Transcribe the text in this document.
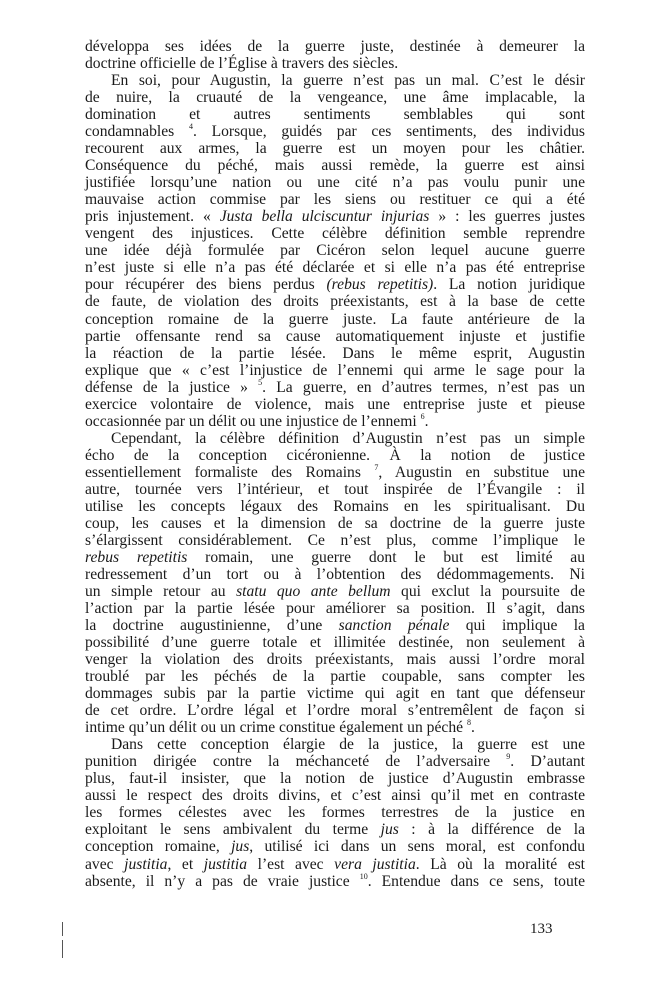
développa ses idées de la guerre juste, destinée à demeurer la
doctrine officielle de l’Église à travers des siècles.
En soi, pour Augustin, la guerre n’est pas un mal. C’est le désir
de nuire, la cruauté de la vengeance, une âme implacable, la
domination et autres sentiments semblables qui sont
condamnables $^4$. Lorsque, guidés par ces sentiments, des individus
recourent aux armes, la guerre est un moyen pour les châtier.
Conséquence du péché, mais aussi remède, la guerre est ainsi
justifiée lorsqu’une nation ou une cité n’a pas voulu punir une
mauvaise action commise par les siens ou restituer ce qui a été
pris injustement. « Justa bella ulciscuntur injurias » : les guerres justes
vengent des injustices. Cette célèbre définition semble reprendre
une idée déjà formulée par Cicéron selon lequel aucune guerre
n’est juste si elle n’a pas été déclarée et si elle n’a pas été entreprise
pour récupérer des biens perdus (rebus repetitis). La notion juridique
de faute, de violation des droits préexistants, est à la base de cette
conception romaine de la guerre juste. La faute antérieure de la
partie offensante rend sa cause automatiquement injuste et justifie
la réaction de la partie lésée. Dans le même esprit, Augustin
explique que « c’est l’injustice de l’ennemi qui arme le sage pour la
défense de la justice » $^5$. La guerre, en d’autres termes, n’est pas un
exercice volontaire de violence, mais une entreprise juste et pieuse
occasionnée par un délit ou une injustice de l’ennemi $^6$.
Cependant, la célèbre définition d’Augustin n’est pas un simple
écho de la conception cicéronienne. À la notion de justice
essentiellement formaliste des Romains $^7$, Augustin en substitue une
autre, tournée vers l’intérieur, et tout inspirée de l’Évangile : il
utilise les concepts légaux des Romains en les spiritualisant. Du
coup, les causes et la dimension de sa doctrine de la guerre juste
s’élargissent considérablement. Ce n’est plus, comme l’implique le
rebus repetitis romain, une guerre dont le but est limité au
redressement d’un tort ou à l’obtention des dédommagements. Ni
un simple retour au statu quo ante bellum qui exclut la poursuite de
l’action par la partie lésée pour améliorer sa position. Il s’agit, dans
la doctrine augustinienne, d’une sanction pénale qui implique la
possibilité d’une guerre totale et illimitée destinée, non seulement à
venger la violation des droits préexistants, mais aussi l’ordre moral
troublé par les péchés de la partie coupable, sans compter les
dommages subis par la partie victime qui agit en tant que défenseur
de cet ordre. L’ordre légal et l’ordre moral s’entremêlent de façon si
intime qu’un délit ou un crime constitue également un péché $^8$.
Dans cette conception élargie de la justice, la guerre est une
punition dirigée contre la méchanceté de l’adversaire $^9$. D’autant
plus, faut-il insister, que la notion de justice d’Augustin embrasse
aussi le respect des droits divins, et c’est ainsi qu’il met en contraste
les formes célestes avec les formes terrestres de la justice en
exploitant le sens ambivalent du terme jus : à la différence de la
conception romaine, jus, utilisé ici dans un sens moral, est confondu
avec justitia, et justitia l’est avec vera justitia. Là où la moralité est
absente, il n’y a pas de vraie justice $^{10}$. Entendue dans ce sens, toute
133
